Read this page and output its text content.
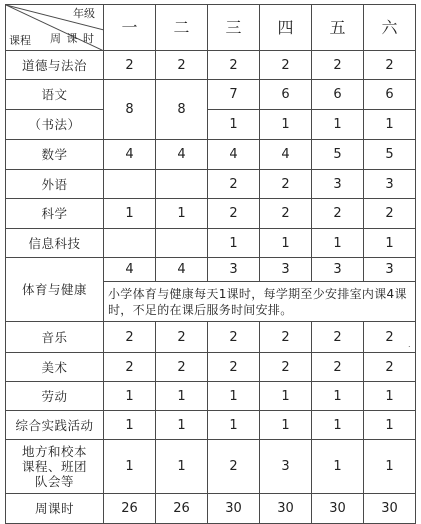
年级
课程 周 课 时	一	二	三	四	五	六
道德与法治	2	2	2	2	2	2
语文	8	8	7	6	6	6
（书法）			1	1	1	1
数学	4	4	4	4	5	5
外语			2	2	3	3
科学	1	1	2	2	2	2
信息科技			1	1	1	1
体育与健康	4	4	3	3	3	3
	小学体育与健康每天1课时，每学期至少安排室内课4课时，不足的在课后服务时间安排。					
音乐	2	2	2	2	2	2
美术	2	2	2	2	2	2
劳动	1	1	1	1	1	1
综合实践活动	1	1	1	1	1	1
地方和校本课程、班团队会等	1	1	2	3	1	1
周课时	26	26	30	30	30	30
.
